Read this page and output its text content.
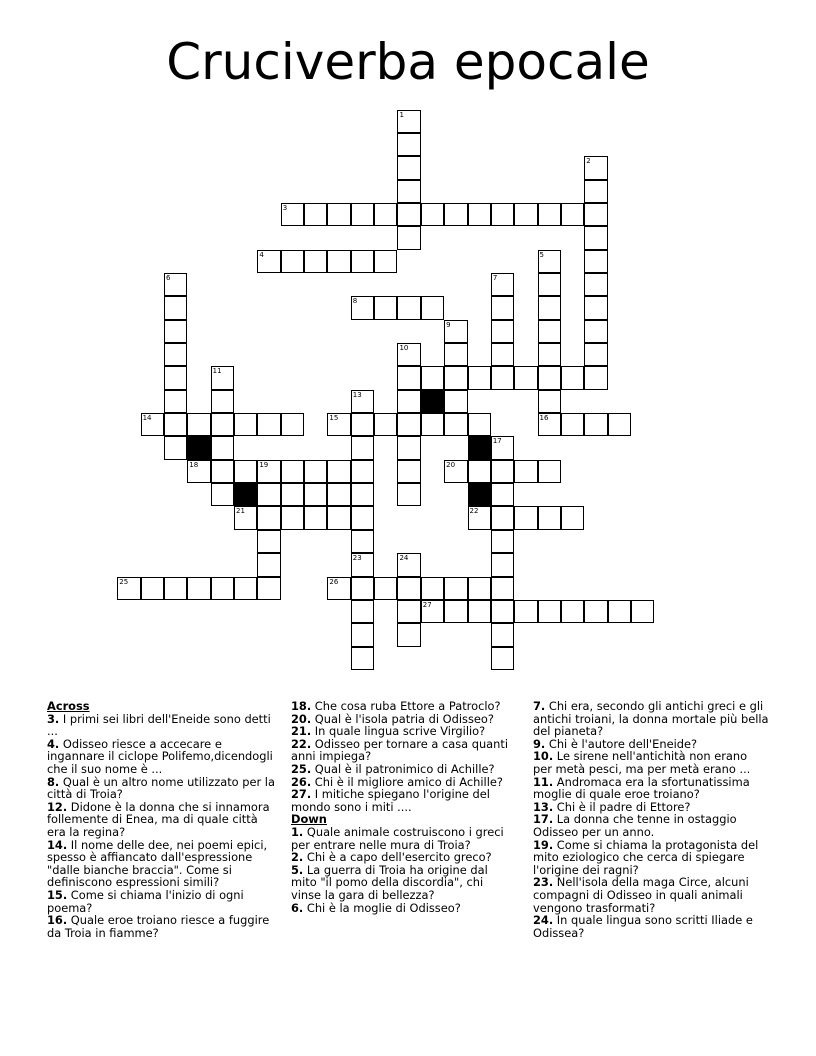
Cruciverba epocale
1
2
3
4	5
6	7
8
9
10
11
13
14	15	16
17
18	19	20
21	22
23	24
25	26
27
Across
3. I primi sei libri dell'Eneide sono detti ...
4. Odisseo riesce a accecare e ingannare il ciclope Polifemo,dicendogli che il suo nome è ...
8. Qual è un altro nome utilizzato per la città di Troia?
12. Didone è la donna che si innamora follemente di Enea, ma di quale città era la regina?
14. Il nome delle dee, nei poemi epici, spesso è affiancato dall'espressione "dalle bianche braccia". Come si definiscono espressioni simili?
15. Come si chiama l'inizio di ogni poema?
16. Quale eroe troiano riesce a fuggire da Troia in fiamme?
18. Che cosa ruba Ettore a Patroclo?
20. Qual è l'isola patria di Odisseo?
21. In quale lingua scrive Virgilio?
22. Odisseo per tornare a casa quanti anni impiega?
25. Qual è il patronimico di Achille?
26. Chi è il migliore amico di Achille?
27. I mitiche spiegano l'origine del mondo sono i miti ....
Down
1. Quale animale costruiscono i greci per entrare nelle mura di Troia?
2. Chi è a capo dell'esercito greco?
5. La guerra di Troia ha origine dal mito "il pomo della discordia", chi vinse la gara di bellezza?
6. Chi è la moglie di Odisseo?
7. Chi era, secondo gli antichi greci e gli antichi troiani, la donna mortale più bella del pianeta?
9. Chi è l'autore dell'Eneide?
10. Le sirene nell'antichità non erano per metà pesci, ma per metà erano ...
11. Andromaca era la sfortunatissima moglie di quale eroe troiano?
13. Chi è il padre di Ettore?
17. La donna che tenne in ostaggio Odisseo per un anno.
19. Come si chiama la protagonista del mito eziologico che cerca di spiegare l'origine dei ragni?
23. Nell'isola della maga Circe, alcuni compagni di Odisseo in quali animali vengono trasformati?
24. In quale lingua sono scritti Iliade e Odissea?
